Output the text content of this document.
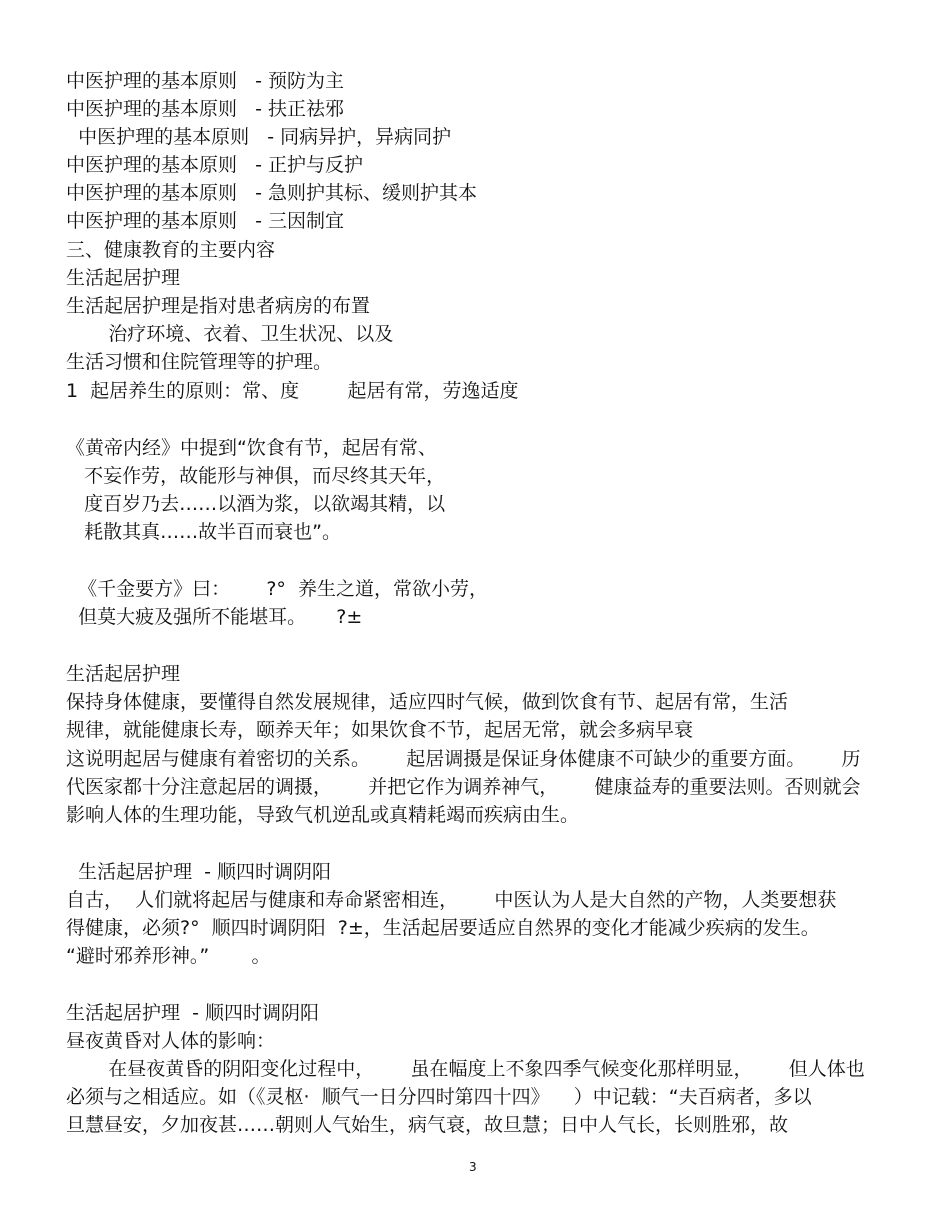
中医护理的基本原则   - 预防为主
中医护理的基本原则   - 扶正祛邪
中医护理的基本原则   - 同病异护，异病同护
中医护理的基本原则   - 正护与反护
中医护理的基本原则   - 急则护其标、缓则护其本
中医护理的基本原则   - 三因制宜
三、健康教育的主要内容
生活起居护理
生活起居护理是指对患者病房的布置
治疗环境、衣着、卫生状况、以及
生活习惯和住院管理等的护理。
1  起居养生的原则：常、度        起居有常，劳逸适度
《黄帝内经》中提到“饮食有节，起居有常、
不妄作劳，故能形与神俱，而尽终其天年，
度百岁乃去……以酒为浆，以欲竭其精，以
耗散其真……故半百而衰也”。
《千金要方》曰：      ?°  养生之道，常欲小劳，
但莫大疲及强所不能堪耳。     ?±
生活起居护理
保持身体健康，要懂得自然发展规律，适应四时气候，做到饮食有节、起居有常，生活
规律，就能健康长寿，颐养天年；如果饮食不节，起居无常，就会多病早衰
这说明起居与健康有着密切的关系。      起居调摄是保证身体健康不可缺少的重要方面。      历
代医家都十分注意起居的调摄，      并把它作为调养神气，      健康益寿的重要法则。否则就会
影响人体的生理功能，导致气机逆乱或真精耗竭而疾病由生。
生活起居护理  - 顺四时调阴阳
自古，  人们就将起居与健康和寿命紧密相连，      中医认为人是大自然的产物，人类要想获
得健康，必须?°  顺四时调阴阳  ?±，生活起居要适应自然界的变化才能减少疾病的发生。
“避时邪养形神。”       。
生活起居护理  - 顺四时调阴阳
昼夜黄昏对人体的影响：
在昼夜黄昏的阴阳变化过程中，      虽在幅度上不象四季气候变化那样明显，      但人体也
必须与之相适应。如（《灵枢·  顺气一日分四时第四十四》    ）中记载：“夫百病者，多以
旦慧昼安，夕加夜甚……朝则人气始生，病气衰，故旦慧；日中人气长，长则胜邪，故
3
